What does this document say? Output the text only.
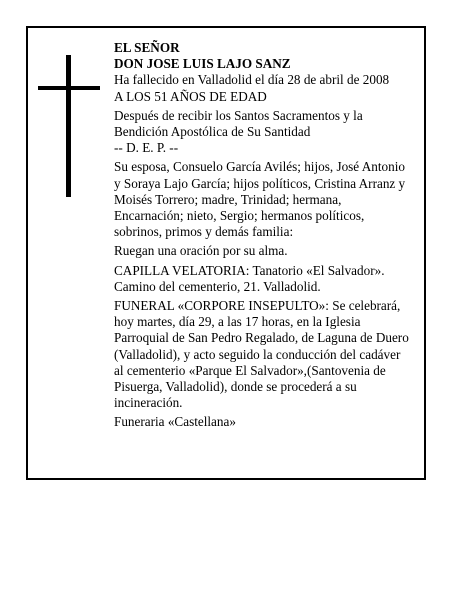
EL SEÑOR
DON JOSE LUIS LAJO SANZ
Ha fallecido en Valladolid el día 28 de abril de 2008
A LOS 51 AÑOS DE EDAD
Después de recibir los Santos Sacramentos y la
Bendición Apostólica de Su Santidad
-- D. E. P. --
Su esposa, Consuelo García Avilés; hijos, José Antonio
y Soraya Lajo García; hijos políticos, Cristina Arranz y
Moisés Torrero; madre, Trinidad; hermana,
Encarnación; nieto, Sergio; hermanos políticos,
sobrinos, primos y demás familia:
Ruegan una oración por su alma.
CAPILLA VELATORIA: Tanatorio «El Salvador».
Camino del cementerio, 21. Valladolid.
FUNERAL «CORPORE INSEPULTO»: Se celebrará,
hoy martes, día 29, a las 17 horas, en la Iglesia
Parroquial de San Pedro Regalado, de Laguna de Duero
(Valladolid), y acto seguido la conducción del cadáver
al cementerio «Parque El Salvador»,(Santovenia de
Pisuerga, Valladolid), donde se procederá a su
incineración.
Funeraria «Castellana»
